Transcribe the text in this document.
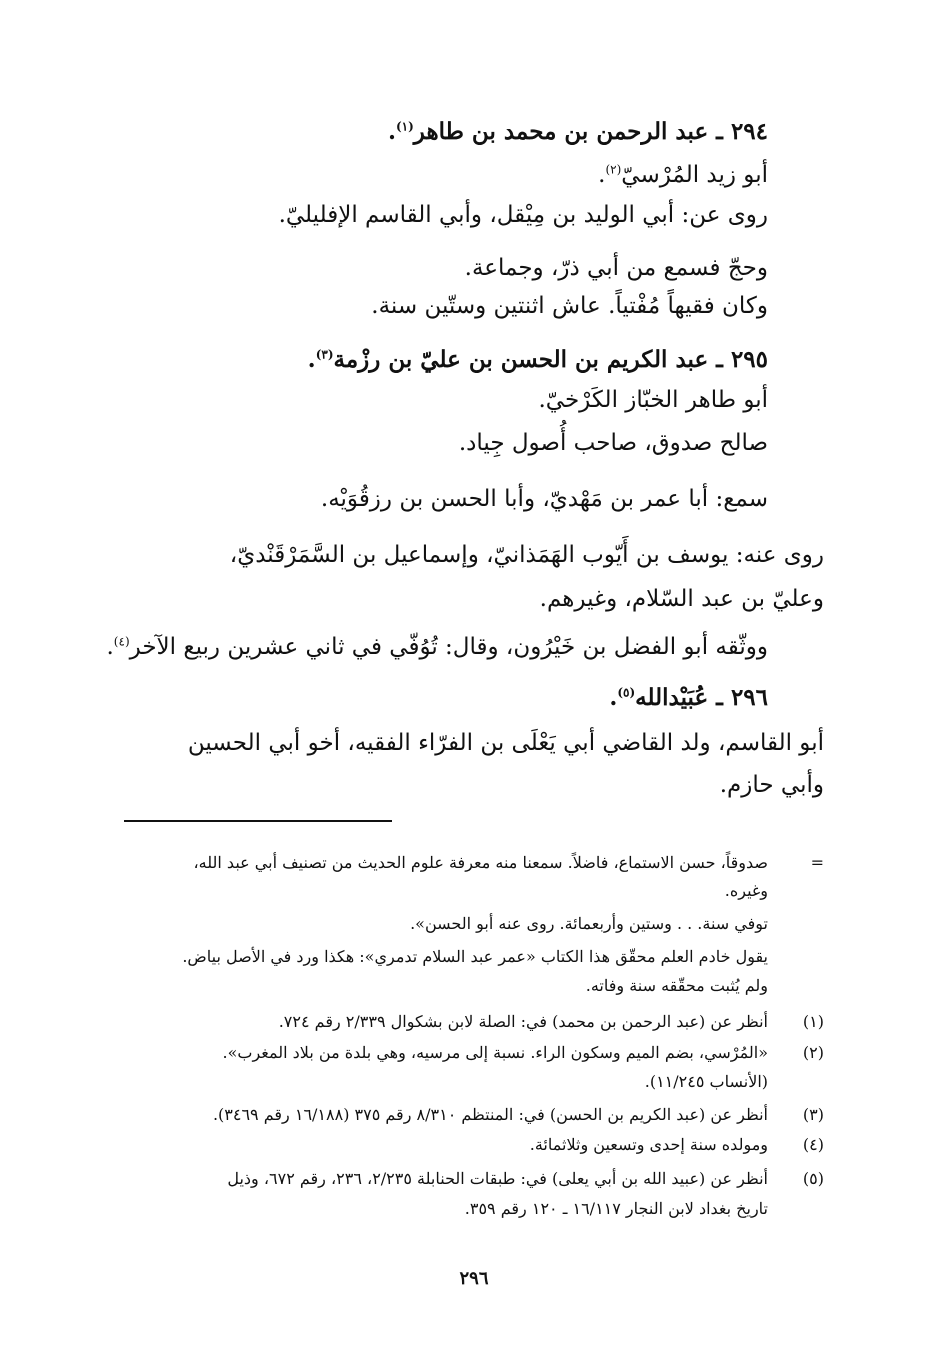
٢٩٤ ـ عبد الرحمن بن محمد بن طاهر$^{(١)}$.
أبو زيد المُرْسيّ$^{(٢)}$.
روى عن: أبي الوليد بن مِيْقل، وأبي القاسم الإفليليّ.
وحجّ فسمع من أبي ذرّ، وجماعة.
وكان فقيهاً مُفْتياً. عاش اثنتين وستّين سنة.
٢٩٥ ـ عبد الكريم بن الحسن بن عليّ بن رزْمة$^{(٣)}$.
أبو طاهر الخبّاز الكَرْخيّ.
صالح صدوق، صاحب أُصول جِياد.
سمع: أبا عمر بن مَهْديّ، وأبا الحسن بن رزقُوَيْه.
روى عنه: يوسف بن أَيّوب الهَمَذانيّ، وإسماعيل بن السَّمَرْقَنْديّ،
وعليّ بن عبد السّلام، وغيرهم.
ووثّقه أبو الفضل بن خَيْرُون، وقال: تُوُفّي في ثاني عشرين ربيع الآخر$^{(٤)}$.
٢٩٦ ـ عُبَيْدالله$^{(٥)}$.
أبو القاسم، ولد القاضي أبي يَعْلَى بن الفرّاء الفقيه، أخو أبي الحسين
وأبي حازم.
=
صدوقاً، حسن الاستماع، فاضلاً. سمعنا منه معرفة علوم الحديث من تصنيف أبي عبد الله،
وغيره.
توفي سنة. . . وستين وأربعمائة. روى عنه أبو الحسن».
يقول خادم العلم محقّق هذا الكتاب «عمر عبد السلام تدمري»: هكذا ورد في الأصل بياض.
ولم يُثبت محقّقه سنة وفاته.
(١)
أنظر عن (عبد الرحمن بن محمد) في: الصلة لابن بشكوال ٢/٣٣٩ رقم ٧٢٤.
(٢)
«المُرْسي، بضم الميم وسكون الراء. نسبة إلى مرسيه، وهي بلدة من بلاد المغرب».
(الأنساب ١١/٢٤٥).
(٣)
أنظر عن (عبد الكريم بن الحسن) في: المنتظم ٨/٣١٠ رقم ٣٧٥ (١٦/١٨٨ رقم ٣٤٦٩).
(٤)
ومولده سنة إحدى وتسعين وثلاثمائة.
(٥)
أنظر عن (عبيد الله بن أبي يعلى) في: طبقات الحنابلة ٢/٢٣٥، ٢٣٦، رقم ٦٧٢، وذيل
تاريخ بغداد لابن النجار ١٦/١١٧ ـ ١٢٠ رقم ٣٥٩.
٢٩٦
